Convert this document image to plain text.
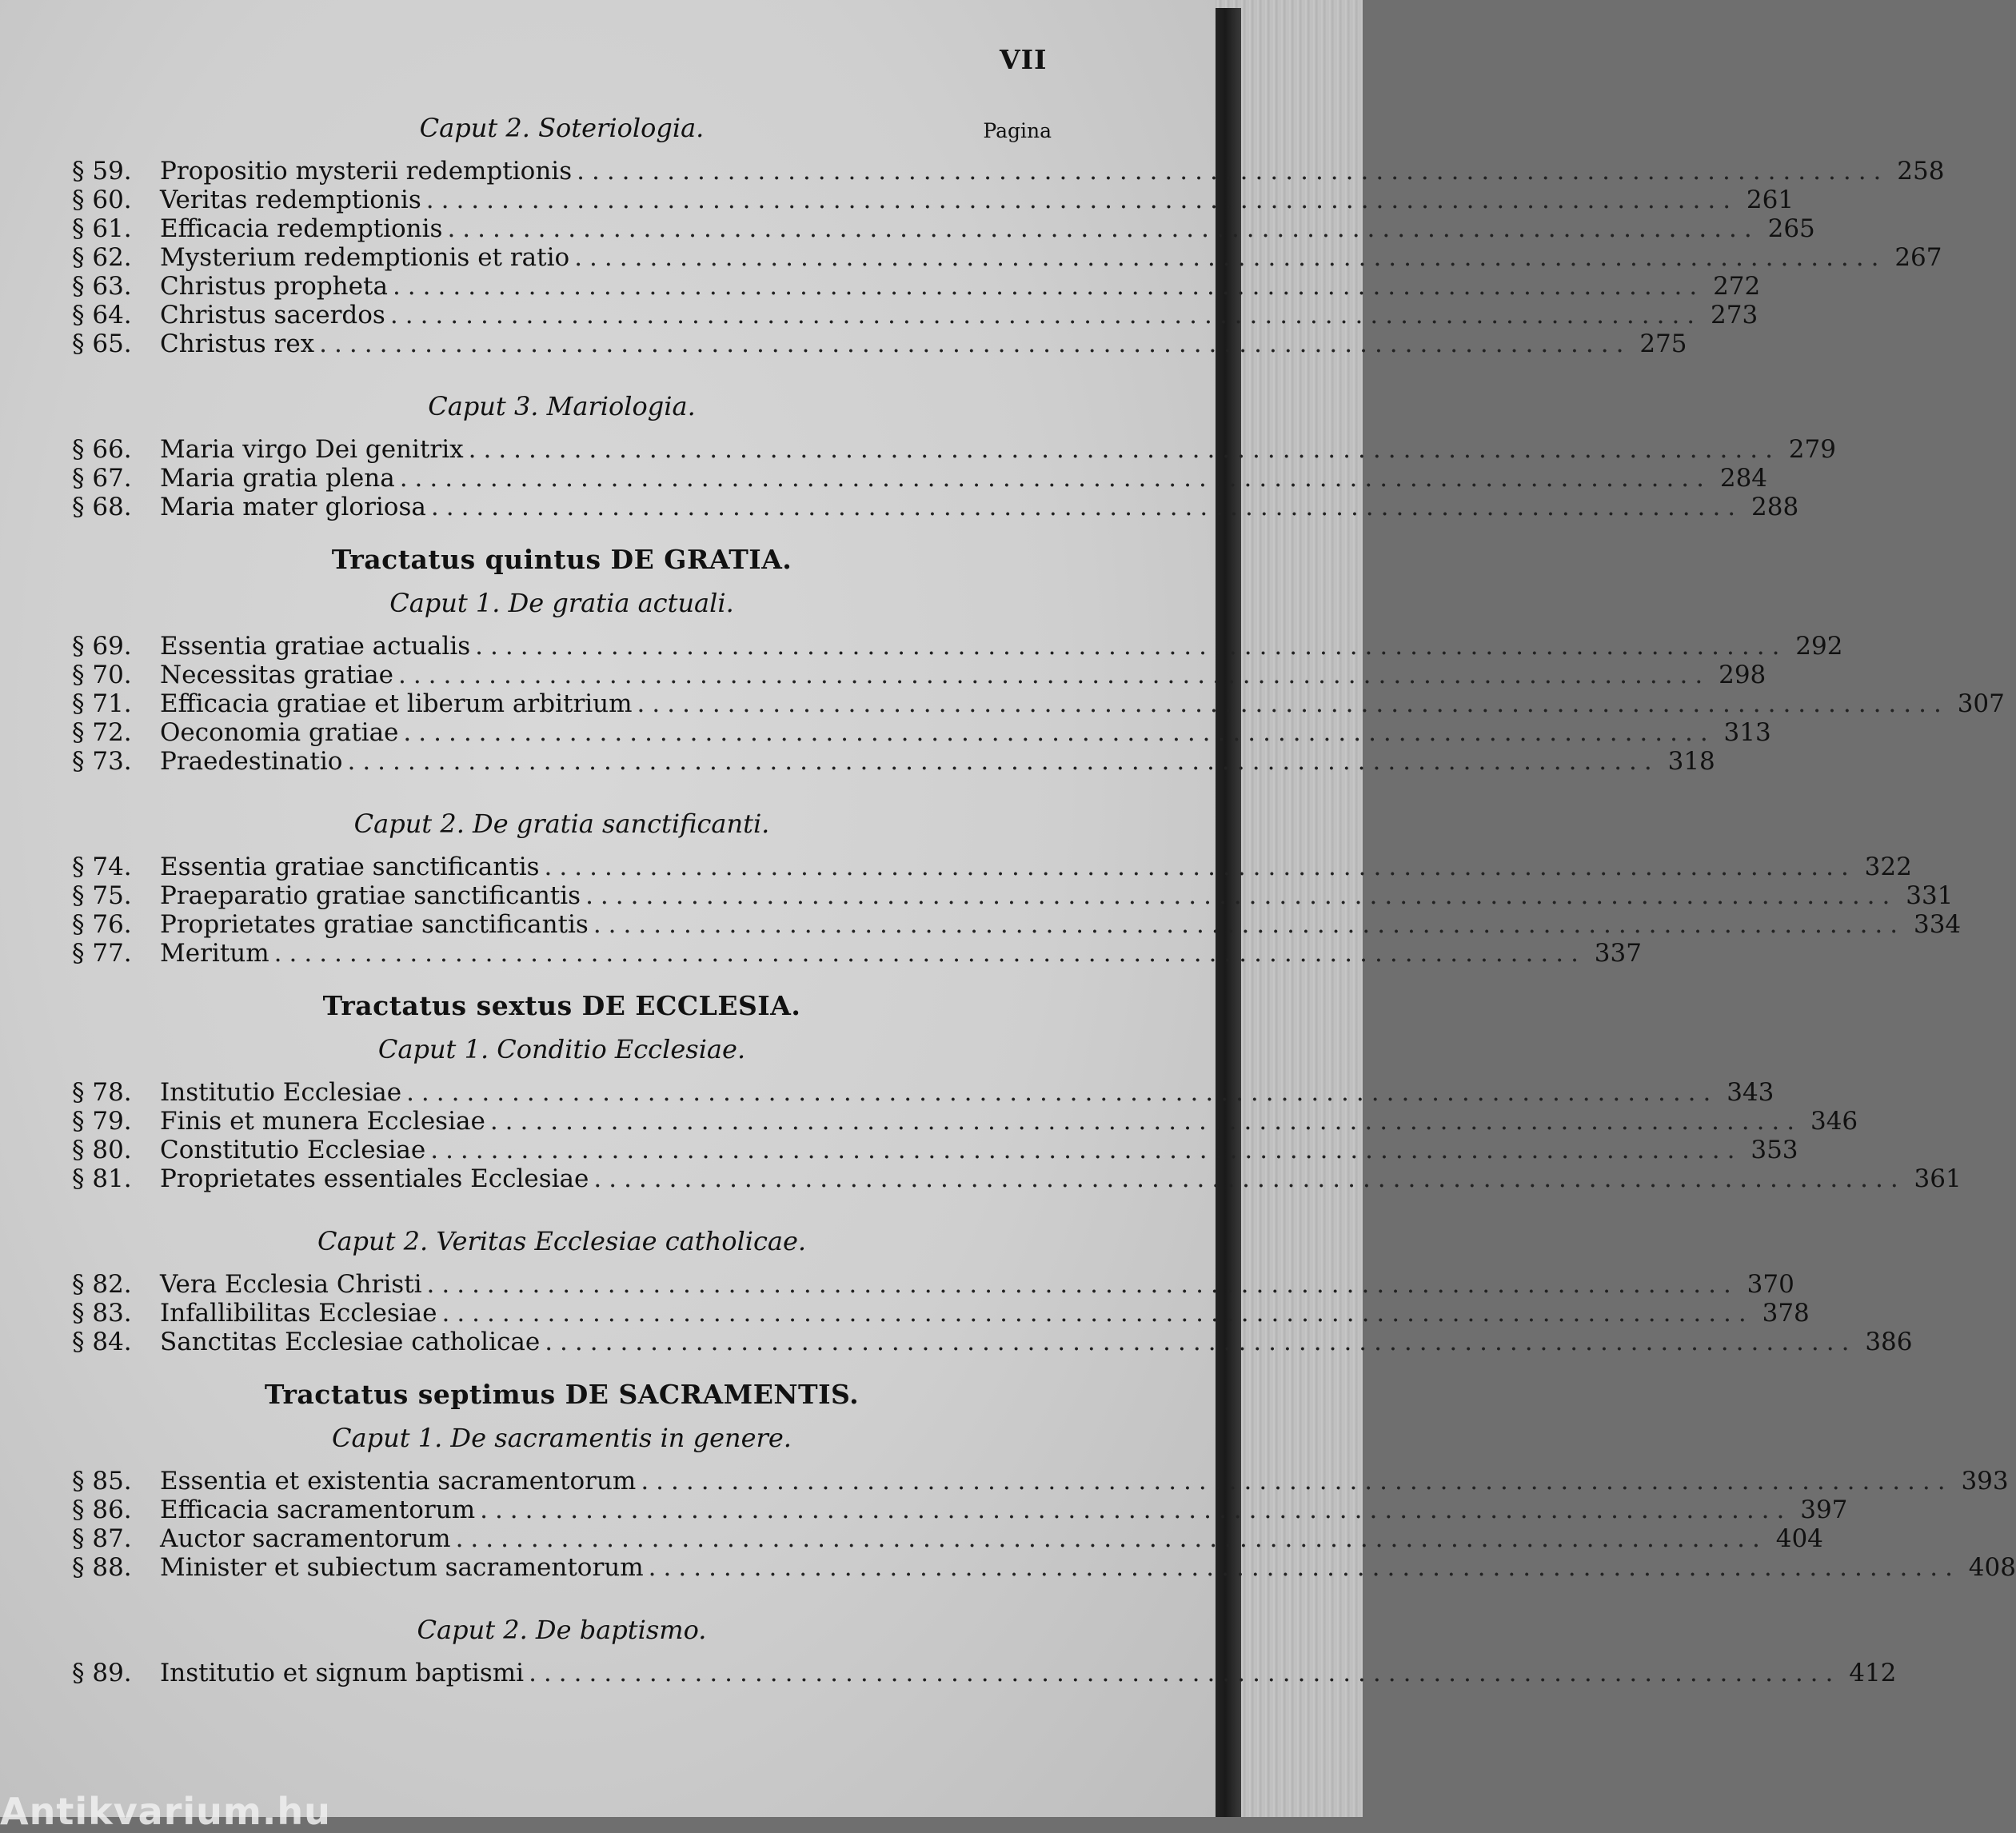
VII
Caput 2. Soteriologia.	Pagina
§ 59.	Propositio mysterii redemptionis ....................................................................................... 258
§ 60.	Veritas redemptionis ....................................................................................... 261
§ 61.	Efficacia redemptionis ....................................................................................... 265
§ 62.	Mysterium redemptionis et ratio ....................................................................................... 267
§ 63.	Christus propheta ....................................................................................... 272
§ 64.	Christus sacerdos ....................................................................................... 273
§ 65.	Christus rex ....................................................................................... 275
Caput 3. Mariologia.
§ 66.	Maria virgo Dei genitrix ....................................................................................... 279
§ 67.	Maria gratia plena ....................................................................................... 284
§ 68.	Maria mater gloriosa ....................................................................................... 288
Tractatus quintus DE GRATIA.
Caput 1. De gratia actuali.
§ 69.	Essentia gratiae actualis ....................................................................................... 292
§ 70.	Necessitas gratiae ....................................................................................... 298
§ 71.	Efficacia gratiae et liberum arbitrium ....................................................................................... 307
§ 72.	Oeconomia gratiae ....................................................................................... 313
§ 73.	Praedestinatio ....................................................................................... 318
Caput 2. De gratia sanctificanti.
§ 74.	Essentia gratiae sanctificantis ....................................................................................... 322
§ 75.	Praeparatio gratiae sanctificantis ....................................................................................... 331
§ 76.	Proprietates gratiae sanctificantis ....................................................................................... 334
§ 77.	Meritum ....................................................................................... 337
Tractatus sextus DE ECCLESIA.
Caput 1. Conditio Ecclesiae.
§ 78.	Institutio Ecclesiae ....................................................................................... 343
§ 79.	Finis et munera Ecclesiae ....................................................................................... 346
§ 80.	Constitutio Ecclesiae ....................................................................................... 353
§ 81.	Proprietates essentiales Ecclesiae ....................................................................................... 361
Caput 2. Veritas Ecclesiae catholicae.
§ 82.	Vera Ecclesia Christi ....................................................................................... 370
§ 83.	Infallibilitas Ecclesiae ....................................................................................... 378
§ 84.	Sanctitas Ecclesiae catholicae ....................................................................................... 386
Tractatus septimus DE SACRAMENTIS.
Caput 1. De sacramentis in genere.
§ 85.	Essentia et existentia sacramentorum ....................................................................................... 393
§ 86.	Efficacia sacramentorum ....................................................................................... 397
§ 87.	Auctor sacramentorum ....................................................................................... 404
§ 88.	Minister et subiectum sacramentorum ....................................................................................... 408
Caput 2. De baptismo.
§ 89.	Institutio et signum baptismi ....................................................................................... 412
Antikvarium.hu
